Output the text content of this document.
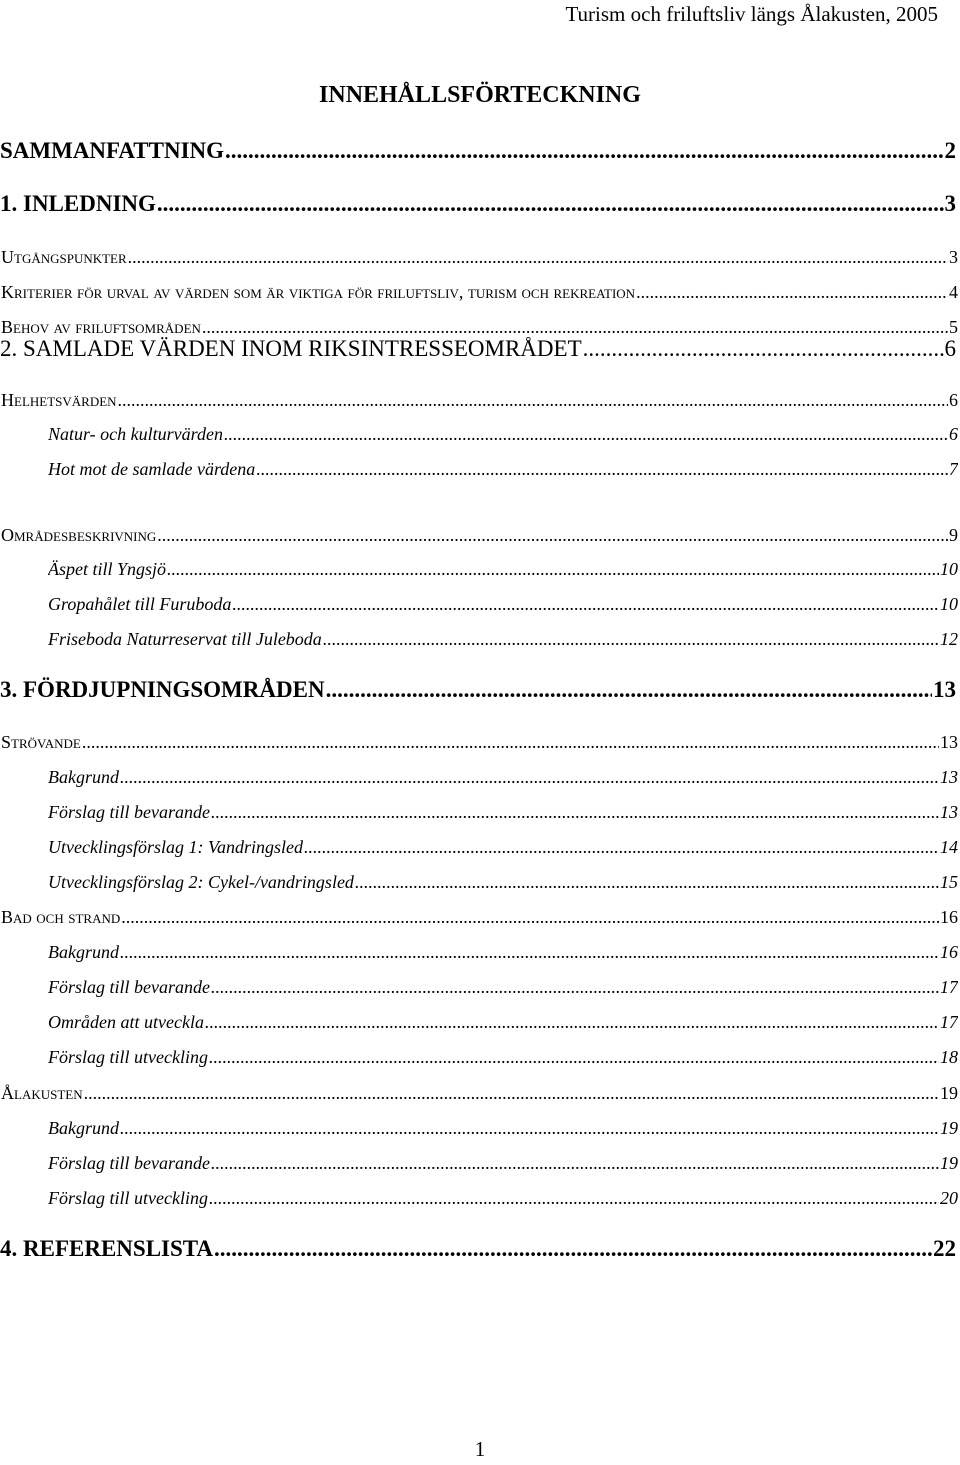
Turism och friluftsliv längs Ålakusten, 2005
INNEHÅLLSFÖRTECKNING
SAMMANFATTNING .....	2
1. INLEDNING .....	3
Utgångspunkter .....	3
Kriterier för urval av värden som är viktiga för friluftsliv, turism och rekreation .....	4
Behov av friluftsområden .....	5
2. SAMLADE VÄRDEN INOM RIKSINTRESSEOMRÅDET .....	6
Helhetsvärden .....	6
Natur- och kulturvärden .....	6
Hot mot de samlade värdena .....	7
Områdesbeskrivning .....	9
Äspet till Yngsjö .....	10
Gropahålet till Furuboda .....	10
Friseboda Naturreservat till Juleboda .....	12
3. FÖRDJUPNINGSOMRÅDEN .....	13
Strövande .....	13
Bakgrund .....	13
Förslag till bevarande .....	13
Utvecklingsförslag 1: Vandringsled .....	14
Utvecklingsförslag 2: Cykel-/vandringsled .....	15
Bad och strand .....	16
Bakgrund .....	16
Förslag till bevarande .....	17
Områden att utveckla .....	17
Förslag till utveckling .....	18
Ålakusten .....	19
Bakgrund .....	19
Förslag till bevarande .....	19
Förslag till utveckling .....	20
4. REFERENSLISTA .....	22
1
